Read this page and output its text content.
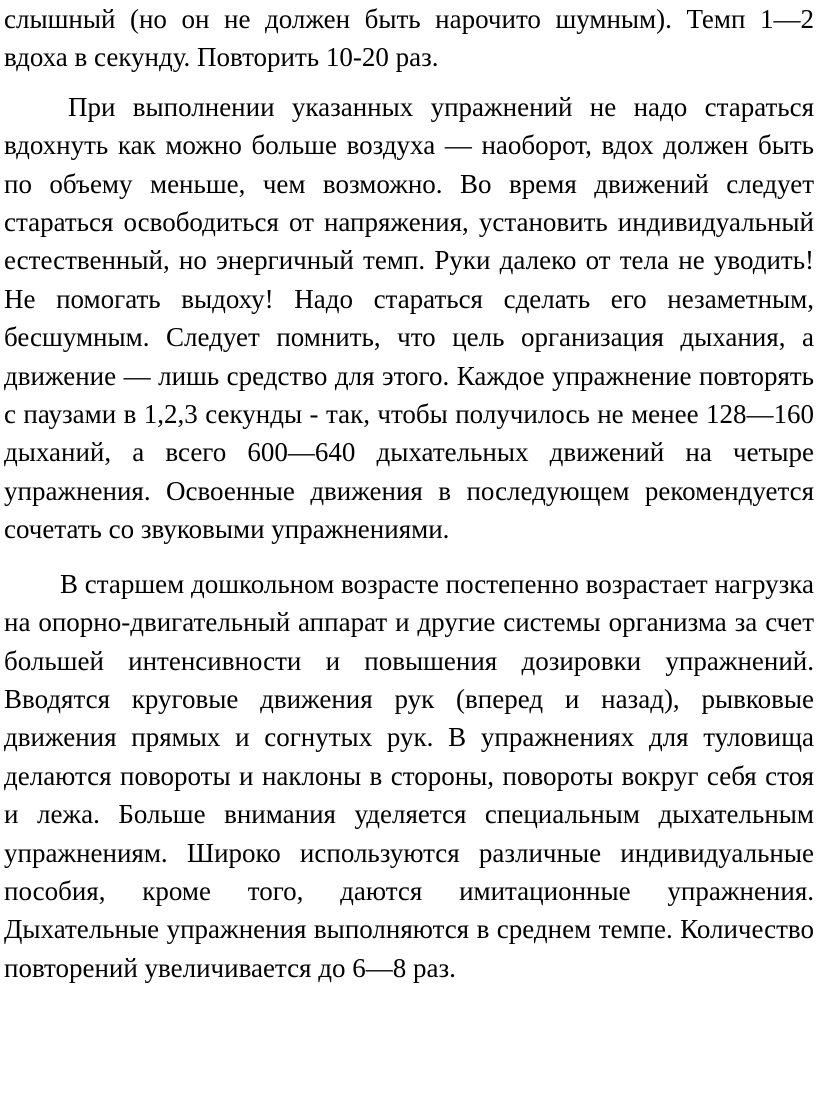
слышный (но он не должен быть нарочито шумным). Темп 1—2 вдоха в секунду. Повторить 10-20 раз.

При выполнении указанных упражнений не надо стараться вдохнуть как можно больше воздуха — наоборот, вдох должен быть по объему меньше, чем возможно. Во время движений следует стараться освободиться от напряжения, установить индивидуальный естественный, но энергичный темп. Руки далеко от тела не уводить! Не помогать выдоху! Надо стараться сделать его незаметным, бесшумным. Следует помнить, что цель организация дыхания, а движение — лишь средство для этого. Каждое упражнение повторять с паузами в 1,2,3 секунды - так, чтобы получилось не менее 128—160 дыханий, а всего 600—640 дыхательных движений на четыре упражнения. Освоенные движения в последующем рекомендуется сочетать со звуковыми упражнениями.

В старшем дошкольном возрасте постепенно возрастает нагрузка на опорно-двигательный аппарат и другие системы организма за счет большей интенсивности и повышения дозировки упражнений. Вводятся круговые движения рук (вперед и назад), рывковые движения прямых и согнутых рук. В упражнениях для туловища делаются повороты и наклоны в стороны, повороты вокруг себя стоя и лежа. Больше внимания уделяется специальным дыхательным упражнениям. Широко используются различные индивидуальные пособия, кроме того, даются имитационные упражнения. Дыхательные упражнения выполняются в среднем темпе. Количество повторений увеличивается до 6—8 раз.
